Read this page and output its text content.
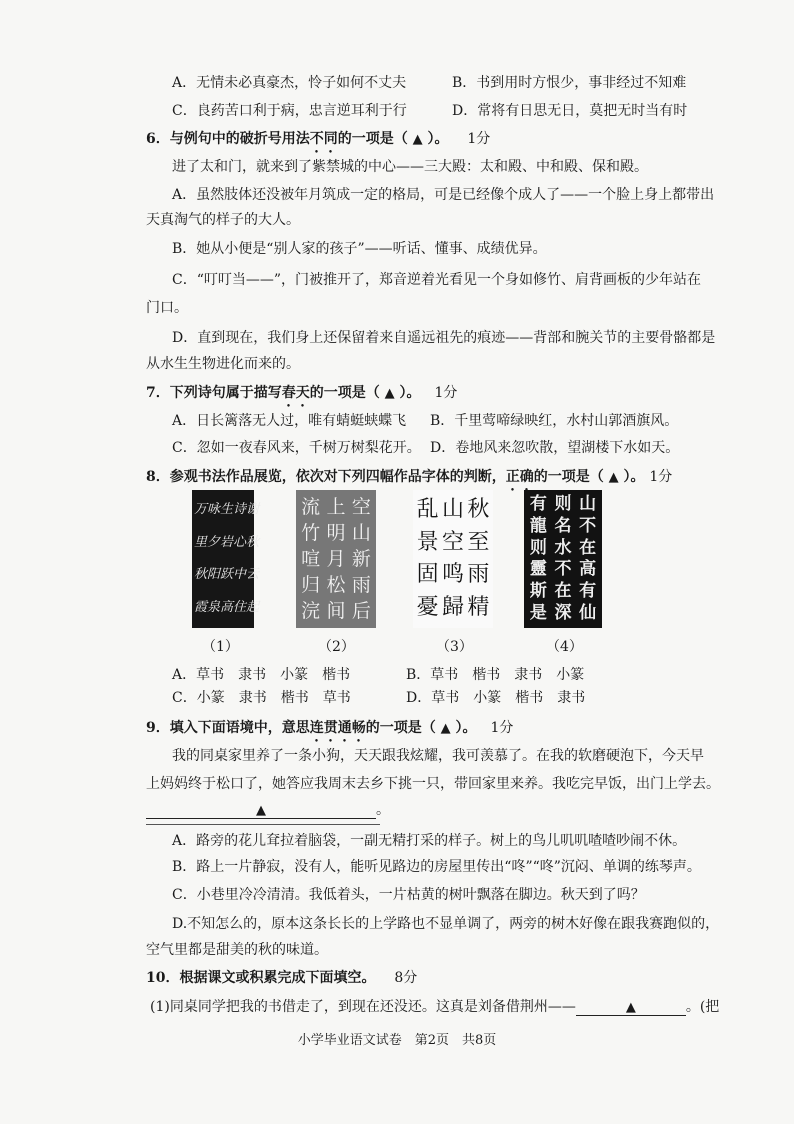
A．无情未必真豪杰，怜子如何不丈夫	B．书到用时方恨少，事非经过不知难
C．良药苦口利于病，忠言逆耳利于行	D．常将有日思无日，莫把无时当有时
6．与例句中的破折号用法不同的一项是（ ▲ ）。  1分
进了太和门，就来到了紫禁城的中心——三大殿：太和殿、中和殿、保和殿。
A．虽然肢体还没被年月筑成一定的格局，可是已经像个成人了——一个脸上身上都带出
天真淘气的样子的大人。
B．她从小便是“别人家的孩子”——听话、懂事、成绩优异。
C．“叮叮当——”，门被推开了，郑音逆着光看见一个身如修竹、肩背画板的少年站在
门口。
D．直到现在，我们身上还保留着来自遥远祖先的痕迹——背部和腕关节的主要骨骼都是
从水生生物进化而来的。
7．下列诗句属于描写春天的一项是（ ▲ ）。  1分
A．日长篱落无人过，唯有蜻蜓蛱蝶飞 B．千里莺啼绿映红，水村山郭酒旗风。
C．忽如一夜春风来，千树万树梨花开。 D．卷地风来忽吹散，望湖楼下水如天。
8．参观书法作品展览，依次对下列四幅作品字体的判断，正确的一项是（ ▲ ）。 1分
谢
秋
云
起
诗
心
中
住
生
岩
跃
高
咏
夕
阳
泉
万
里
秋
霞
空
山
新
雨
后
上
明
月
松
间
流
竹
喧
归
浣
秋
至
雨
精
山
空
鸣
歸
乱
景
固
憂
山
不
在
高
有
仙
则
名
水
不
在
深
有
龍
则
靈
斯
是
（1）	（2）	（3）	（4）
A．草书　隶书　小篆　楷书	B．草书　楷书　隶书　小篆
C．小篆　隶书　楷书　草书	D．草书　小篆　楷书　隶书
9．填入下面语境中，意思连贯通畅的一项是（ ▲ ）。  1分
我的同桌家里养了一条小狗，天天跟我炫耀，我可羡慕了。在我的软磨硬泡下，今天早
上妈妈终于松口了，她答应我周末去乡下挑一只，带回家里来养。我吃完早饭，出门上学去。
▲	。
A．路旁的花儿耷拉着脑袋，一副无精打采的样子。树上的鸟儿叽叽喳喳吵闹不休。
B．路上一片静寂，没有人，能听见路边的房屋里传出“咚”“咚”沉闷、单调的练琴声。
C．小巷里冷冷清清。我低着头，一片枯黄的树叶飘落在脚边。秋天到了吗？
D.不知怎么的，原本这条长长的上学路也不显单调了，两旁的树木好像在跟我赛跑似的，
空气里都是甜美的秋的味道。
10．根据课文或积累完成下面填空。  8分
(1)同桌同学把我的书借走了，到现在还没还。这真是刘备借荆州——	▲	。(把
小学毕业语文试卷　第2页　共8页
